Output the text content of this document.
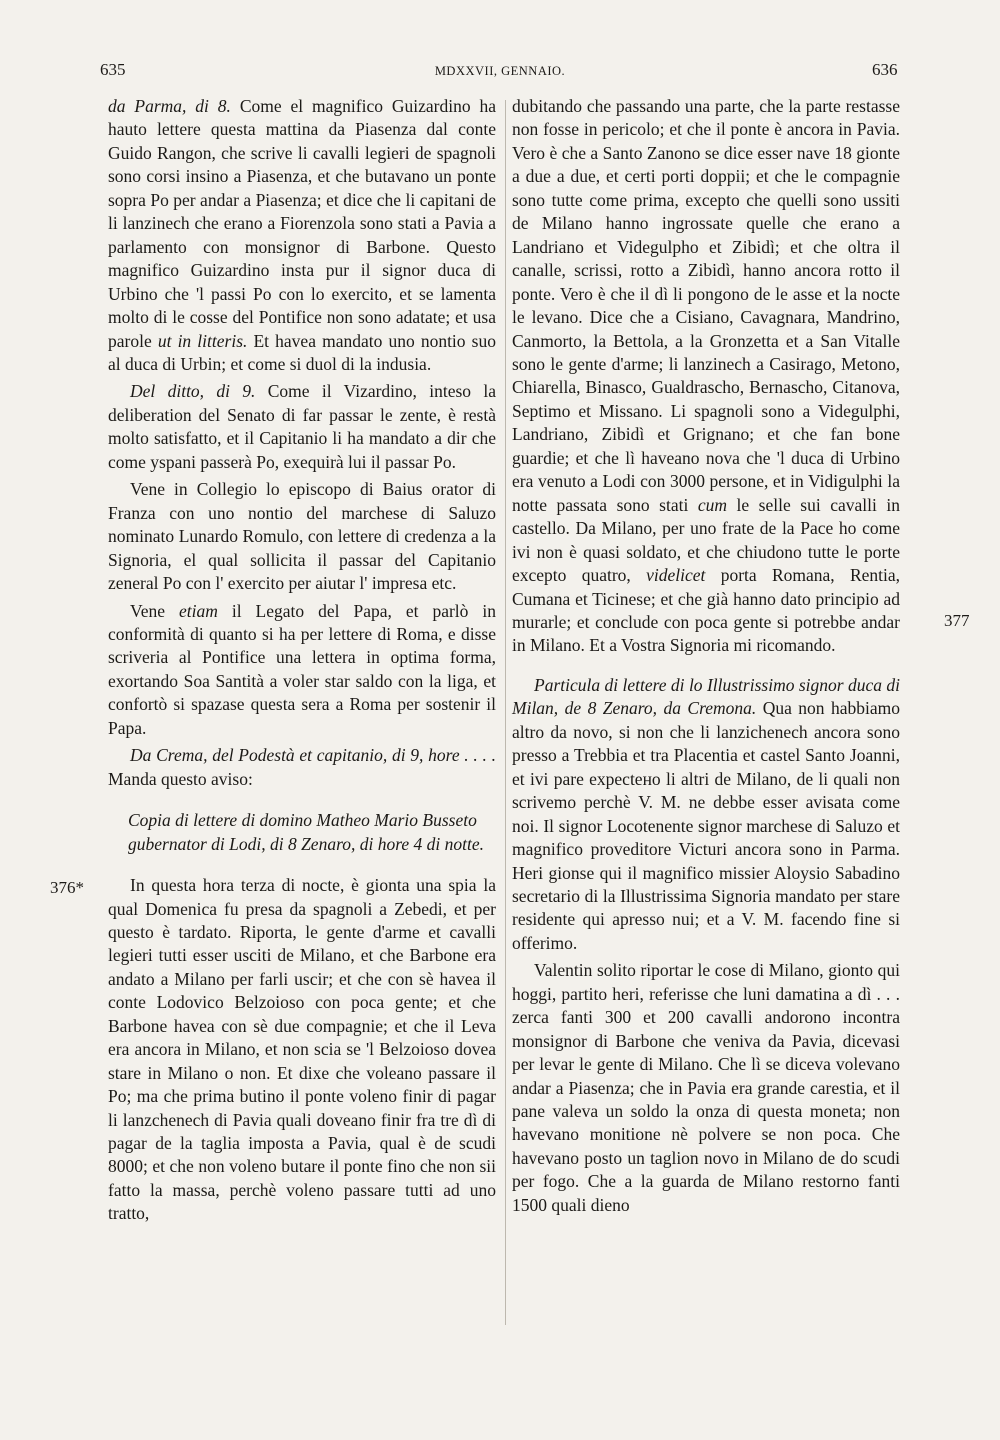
635	MDXXVII, GENNAIO.	636
377
376*

da Parma, di 8. Come el magnifico Guizardino ha hauto lettere questa mattina da Piasenza dal conte Guido Rangon, che scrive li cavalli legieri de spagnoli sono corsi insino a Piasenza, et che butavano un ponte sopra Po per andar a Piasenza; et dice che li capitani de li lanzinech che erano a Fiorenzola sono stati a Pavia a parlamento con monsignor di Barbone. Questo magnifico Guizardino insta pur il signor duca di Urbino che 'l passi Po con lo exercito, et se lamenta molto di le cosse del Pontifice non sono adatate; et usa parole ut in litteris. Et havea mandato uno nontio suo al duca di Urbin; et come si duol di la indusia.

Del ditto, di 9. Come il Vizardino, inteso la deliberation del Senato di far passar le zente, è restà molto satisfatto, et il Capitanio li ha mandato a dir che come yspani passerà Po, exequirà lui il passar Po.

Vene in Collegio lo episcopo di Baius orator di Franza con uno nontio del marchese di Saluzo nominato Lunardo Romulo, con lettere di credenza a la Signoria, el qual sollicita il passar del Capitanio zeneral Po con l' exercito per aiutar l' impresa etc.

Vene etiam il Legato del Papa, et parlò in conformità di quanto si ha per lettere di Roma, e disse scriveria al Pontifice una lettera in optima forma, exortando Soa Santità a voler star saldo con la liga, et confortò si spazase questa sera a Roma per sostenir il Papa.

Da Crema, del Podestà et capitanio, di 9, hore . . . . Manda questo aviso:

Copia di lettere di domino Matheo Mario Busseto gubernator di Lodi, di 8 Zenaro, di hore 4 di notte.

In questa hora terza di nocte, è gionta una spia la qual Domenica fu presa da spagnoli a Zebedi, et per questo è tardato. Riporta, le gente d'arme et cavalli legieri tutti esser usciti de Milano, et che Barbone era andato a Milano per farli uscir; et che con sè havea il conte Lodovico Belzoioso con poca gente; et che Barbone havea con sè due compagnie; et che il Leva era ancora in Milano, et non scia se 'l Belzoioso dovea stare in Milano o non. Et dixe che voleano passare il Po; ma che prima butino il ponte voleno finir di pagar li lanzchenech di Pavia quali doveano finir fra tre dì di pagar de la taglia imposta a Pavia, qual è de scudi 8000; et che non voleno butare il ponte fino che non sii fatto la massa, perchè voleno passare tutti ad uno tratto,

dubitando che passando una parte, che la parte restasse non fosse in pericolo; et che il ponte è ancora in Pavia. Vero è che a Santo Zanono se dice esser nave 18 gionte a due a due, et certi porti doppii; et che le compagnie sono tutte come prima, excepto che quelli sono ussiti de Milano hanno ingrossate quelle che erano a Landriano et Videgulpho et Zibidì; et che oltra il canalle, scrissi, rotto a Zibidì, hanno ancora rotto il ponte. Vero è che il dì li pongono de le asse et la nocte le levano. Dice che a Cisiano, Cavagnara, Mandrino, Canmorto, la Bettola, a la Gronzetta et a San Vitalle sono le gente d'arme; li lanzinech a Casirago, Metono, Chiarella, Binasco, Gualdrascho, Bernascho, Citanova, Septimo et Missano. Li spagnoli sono a Videgulphi, Landriano, Zibidì et Grignano; et che fan bone guardie; et che lì haveano nova che 'l duca di Urbino era venuto a Lodi con 3000 persone, et in Vidigulphi la notte passata sono stati cum le selle sui cavalli in castello. Da Milano, per uno frate de la Pace ho come ivi non è quasi soldato, et che chiudono tutte le porte excepto quatro, videlicet porta Romana, Rentia, Cumana et Ticinese; et che già hanno dato principio ad murarle; et conclude con poca gente si potrebbe andar in Milano. Et a Vostra Signoria mi ricomando.

Particula di lettere di lo Illustrissimo signor duca di Milan, de 8 Zenaro, da Cremona. Qua non habbiamo altro da novo, si non che li lanzichenech ancora sono presso a Trebbia et tra Placentia et castel Santo Joanni, et ivi pare expectено li altri de Milano, de li quali non scrivemo perchè V. M. ne debbe esser avisata come noi. Il signor Locotenente signor marchese di Saluzo et magnifico proveditore Victuri ancora sono in Parma. Heri gionse qui il magnifico missier Aloysio Sabadino secretario di la Illustrissima Signoria mandato per stare residente qui apresso nui; et a V. M. facendo fine si offerimo.

Valentin solito riportar le cose di Milano, gionto qui hoggi, partito heri, referisse che luni damatina a dì . . . zerca fanti 300 et 200 cavalli andorono incontra monsignor di Barbone che veniva da Pavia, dicevasi per levar le gente di Milano. Che lì se diceva volevano andar a Piasenza; che in Pavia era grande carestia, et il pane valeva un soldo la onza di questa moneta; non havevano monitione nè polvere se non poca. Che havevano posto un taglion novo in Milano de do scudi per fogo. Che a la guarda de Milano restorno fanti 1500 quali dieno
